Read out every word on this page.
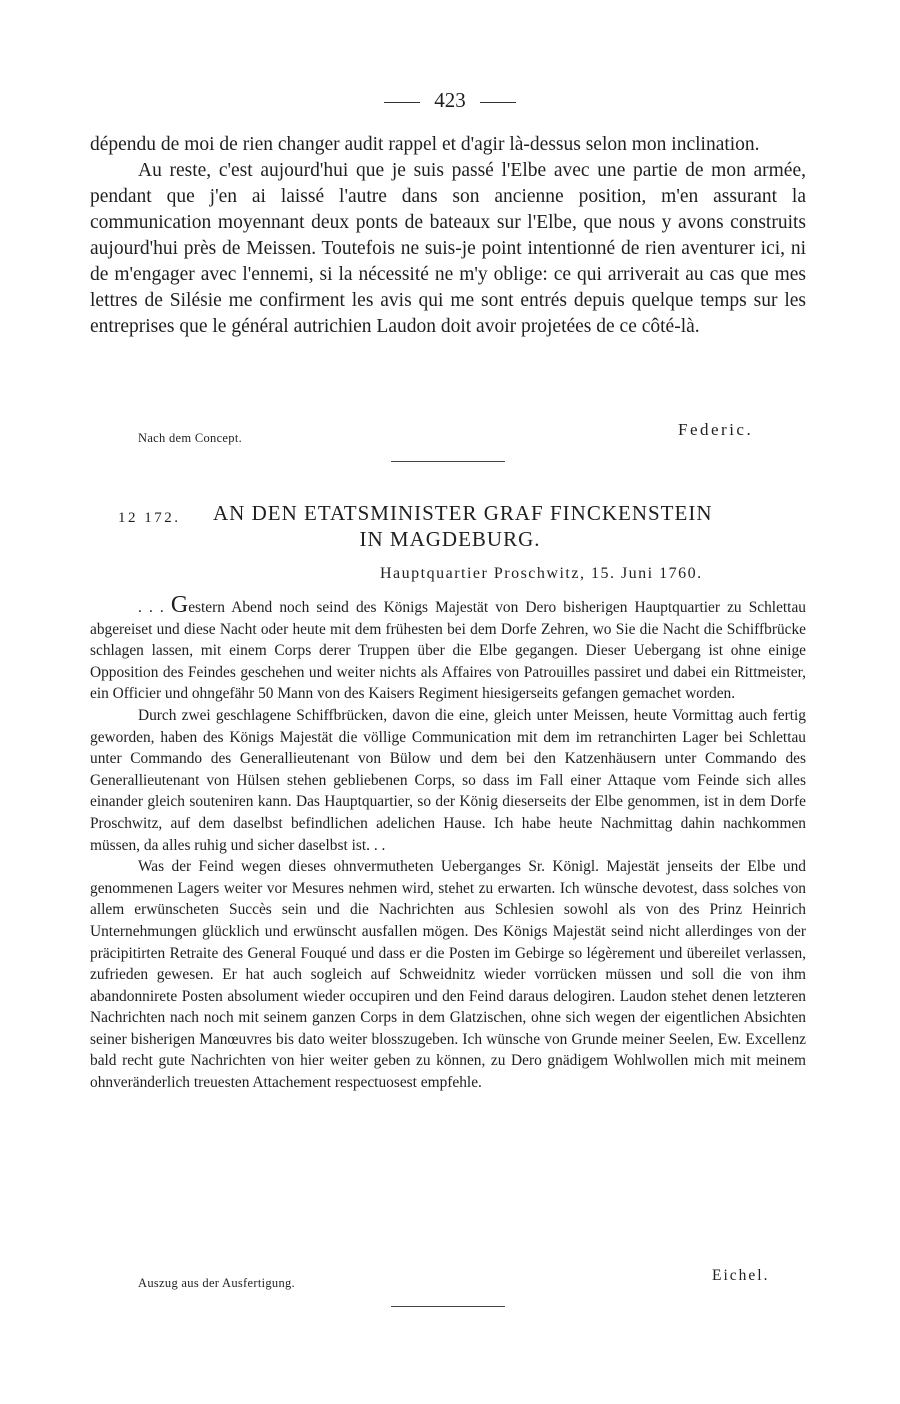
423

dépendu de moi de rien changer audit rappel et d'agir là-dessus selon mon inclination.

Au reste, c'est aujourd'hui que je suis passé l'Elbe avec une partie de mon armée, pendant que j'en ai laissé l'autre dans son ancienne position, m'en assurant la communication moyennant deux ponts de bateaux sur l'Elbe, que nous y avons construits aujourd'hui près de Meissen. Toutefois ne suis-je point intentionné de rien aventurer ici, ni de m'engager avec l'ennemi, si la nécessité ne m'y oblige: ce qui arriverait au cas que mes lettres de Silésie me confirment les avis qui me sont entrés depuis quelque temps sur les entreprises que le général autrichien Laudon doit avoir projetées de ce côté-là.

Federic.
Nach dem Concept.
12 172. AN DEN ETATSMINISTER GRAF FINCKENSTEIN
IN MAGDEBURG.
Hauptquartier Proschwitz, 15. Juni 1760.

. . . Gestern Abend noch seind des Königs Majestät von Dero bisherigen Hauptquartier zu Schlettau abgereiset und diese Nacht oder heute mit dem frühesten bei dem Dorfe Zehren, wo Sie die Nacht die Schiffbrücke schlagen lassen, mit einem Corps derer Truppen über die Elbe gegangen. Dieser Uebergang ist ohne einige Opposition des Feindes geschehen und weiter nichts als Affaires von Patrouilles passiret und dabei ein Rittmeister, ein Officier und ohngefähr 50 Mann von des Kaisers Regiment hiesigerseits gefangen gemachet worden.

Durch zwei geschlagene Schiffbrücken, davon die eine, gleich unter Meissen, heute Vormittag auch fertig geworden, haben des Königs Majestät die völlige Communication mit dem im retranchirten Lager bei Schlettau unter Commando des Generallieutenant von Bülow und dem bei den Katzenhäusern unter Commando des Generallieutenant von Hülsen stehen gebliebenen Corps, so dass im Fall einer Attaque vom Feinde sich alles einander gleich souteniren kann. Das Hauptquartier, so der König dieserseits der Elbe genommen, ist in dem Dorfe Proschwitz, auf dem daselbst befindlichen adelichen Hause. Ich habe heute Nachmittag dahin nachkommen müssen, da alles ruhig und sicher daselbst ist. . .

Was der Feind wegen dieses ohnvermutheten Ueberganges Sr. Königl. Majestät jenseits der Elbe und genommenen Lagers weiter vor Mesures nehmen wird, stehet zu erwarten. Ich wünsche devotest, dass solches von allem erwünscheten Succès sein und die Nachrichten aus Schlesien sowohl als von des Prinz Heinrich Unternehmungen glücklich und erwünscht ausfallen mögen. Des Königs Majestät seind nicht allerdinges von der präcipitirten Retraite des General Fouqué und dass er die Posten im Gebirge so légèrement und übereilet verlassen, zufrieden gewesen. Er hat auch sogleich auf Schweidnitz wieder vorrücken müssen und soll die von ihm abandonnirete Posten absolument wieder occupiren und den Feind daraus delogiren. Laudon stehet denen letzteren Nachrichten nach noch mit seinem ganzen Corps in dem Glatzischen, ohne sich wegen der eigentlichen Absichten seiner bisherigen Manœuvres bis dato weiter blosszugeben. Ich wünsche von Grunde meiner Seelen, Ew. Excellenz bald recht gute Nachrichten von hier weiter geben zu können, zu Dero gnädigem Wohlwollen mich mit meinem ohnveränderlich treuesten Attachement respectuosest empfehle.

Eichel.
Auszug aus der Ausfertigung.
